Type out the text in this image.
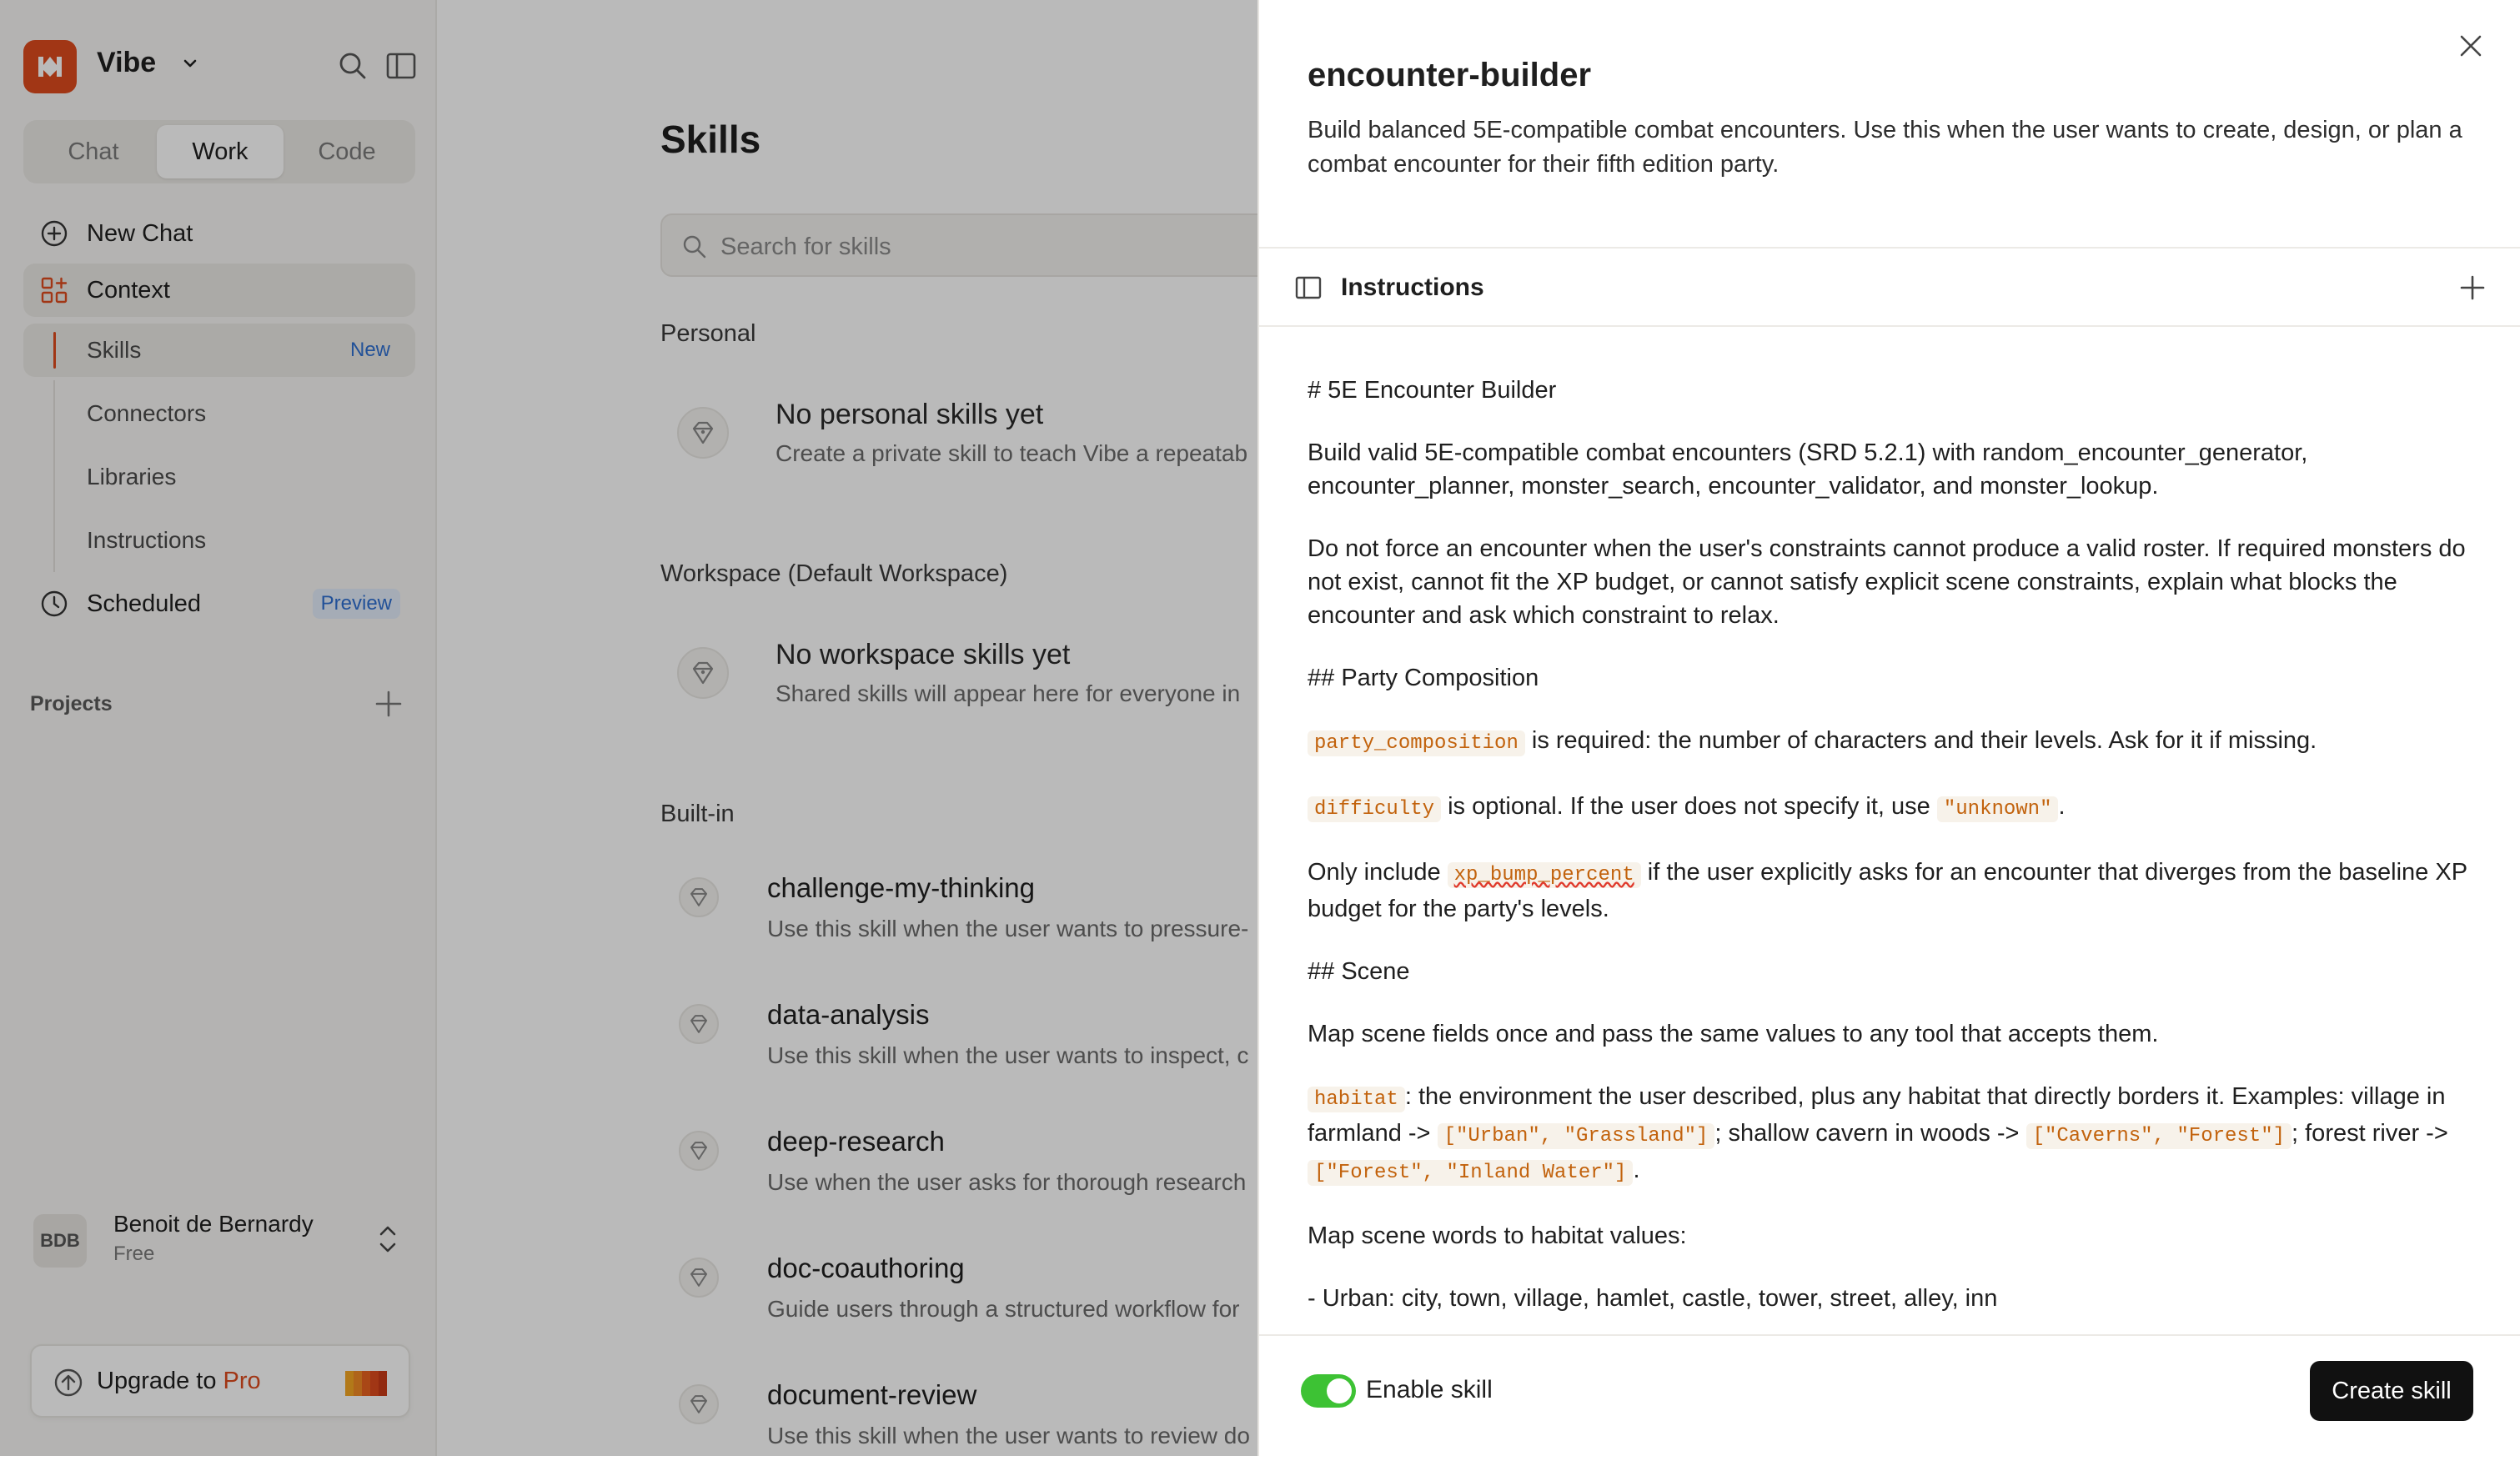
Vibe
Chat	Work	Code
New Chat
Context
Skills	New
Connectors
Libraries
Instructions
Scheduled	Preview
Projects
BDB
Benoit de Bernardy
Free
Upgrade to Pro
Skills
Search for skills
Personal
No personal skills yet
Create a private skill to teach Vibe a repeatab
Workspace (Default Workspace)
No workspace skills yet
Shared skills will appear here for everyone in
Built-in
challenge-my-thinking
Use this skill when the user wants to pressure-
data-analysis
Use this skill when the user wants to inspect, c
deep-research
Use when the user asks for thorough research
doc-coauthoring
Guide users through a structured workflow for
document-review
Use this skill when the user wants to review do
encounter-builder

Build balanced 5E-compatible combat encounters. Use this when the user wants to create, design, or plan a combat encounter for their fifth edition party.

Instructions

# 5E Encounter Builder

Build valid 5E-compatible combat encounters (SRD 5.2.1) with random_encounter_generator, encounter_planner, monster_search, encounter_validator, and monster_lookup.

Do not force an encounter when the user's constraints cannot produce a valid roster. If required monsters do not exist, cannot fit the XP budget, or cannot satisfy explicit scene constraints, explain what blocks the encounter and ask which constraint to relax.

## Party Composition

party_composition is required: the number of characters and their levels. Ask for it if missing.

difficulty is optional. If the user does not specify it, use "unknown" .

Only include xp_bump_percent if the user explicitly asks for an encounter that diverges from the baseline XP budget for the party's levels.

## Scene

Map scene fields once and pass the same values to any tool that accepts them.

habitat : the environment the user described, plus any habitat that directly borders it. Examples: village in farmland -> ["Urban", "Grassland"] ; shallow cavern in woods -> ["Caverns", "Forest"] ; forest river -> ["Forest", "Inland Water"] .

Map scene words to habitat values:

- Urban: city, town, village, hamlet, castle, tower, street, alley, inn

Enable skill	Create skill
